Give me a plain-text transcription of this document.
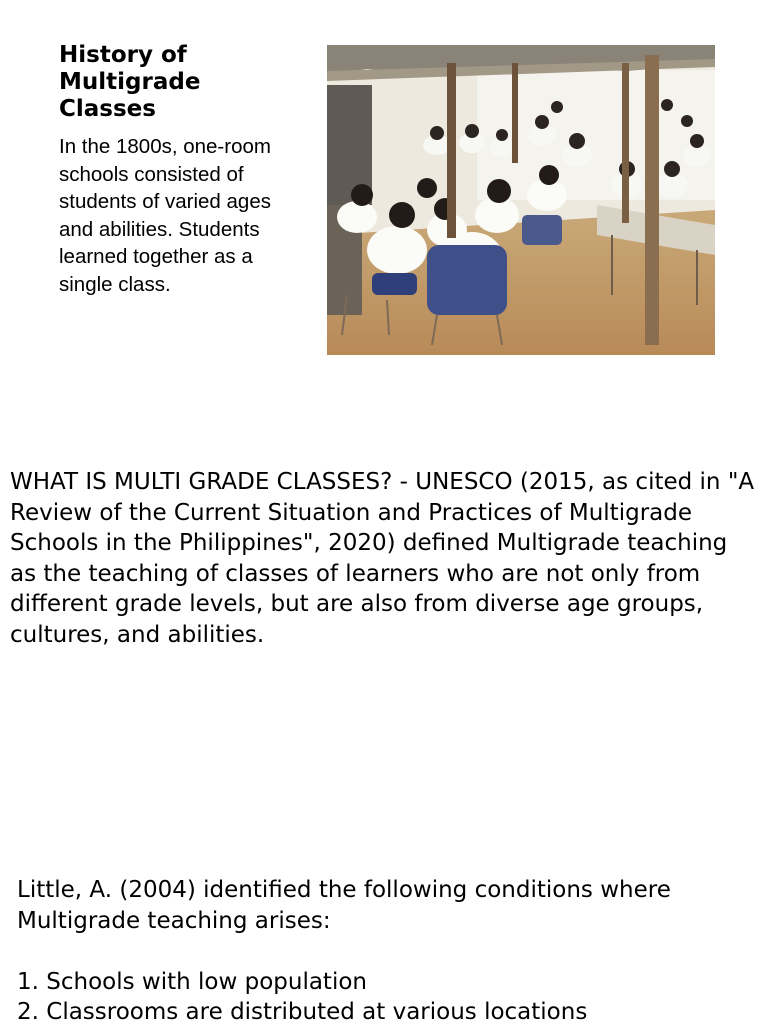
History of Multigrade Classes

In the 1800s, one-room schools consisted of students of varied ages and abilities. Students learned together as a single class.

WHAT IS MULTI GRADE CLASSES? - UNESCO (2015, as cited in "A Review of the Current Situation and Practices of Multigrade Schools in the Philippines", 2020) defined Multigrade teaching as the teaching of classes of learners who are not only from different grade levels, but are also from diverse age groups, cultures, and abilities.

Little, A. (2004) identified the following conditions where Multigrade teaching arises:

1. Schools with low population
2. Classrooms are distributed at various locations
